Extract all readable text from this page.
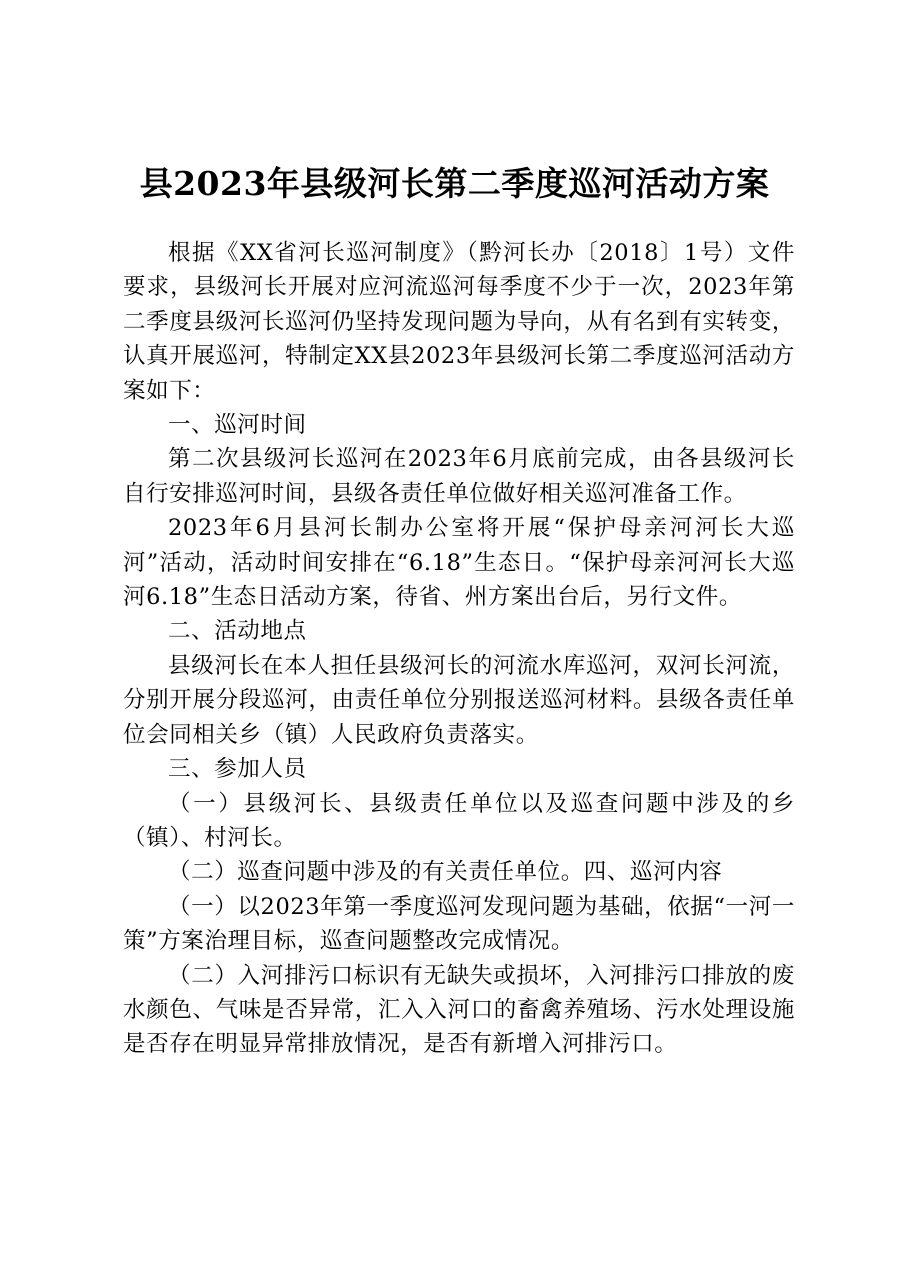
县2023年县级河长第二季度巡河活动方案

根据《XX省河长巡河制度》（黔河长办〔2018〕1号）文件要求，县级河长开展对应河流巡河每季度不少于一次，2023年第二季度县级河长巡河仍坚持发现问题为导向，从有名到有实转变，认真开展巡河，特制定XX县2023年县级河长第二季度巡河活动方案如下：

一、巡河时间

第二次县级河长巡河在2023年6月底前完成，由各县级河长自行安排巡河时间，县级各责任单位做好相关巡河准备工作。

2023年6月县河长制办公室将开展“保护母亲河河长大巡河”活动，活动时间安排在“6.18”生态日。“保护母亲河河长大巡河6.18”生态日活动方案，待省、州方案出台后，另行文件。

二、活动地点

县级河长在本人担任县级河长的河流水库巡河，双河长河流，分别开展分段巡河，由责任单位分别报送巡河材料。县级各责任单位会同相关乡（镇）人民政府负责落实。

三、参加人员

（一）县级河长、县级责任单位以及巡查问题中涉及的乡（镇）、村河长。

（二）巡查问题中涉及的有关责任单位。四、巡河内容

（一）以2023年第一季度巡河发现问题为基础，依据“一河一策”方案治理目标，巡查问题整改完成情况。

（二）入河排污口标识有无缺失或损坏，入河排污口排放的废水颜色、气味是否异常，汇入入河口的畜禽养殖场、污水处理设施是否存在明显异常排放情况，是否有新增入河排污口。
